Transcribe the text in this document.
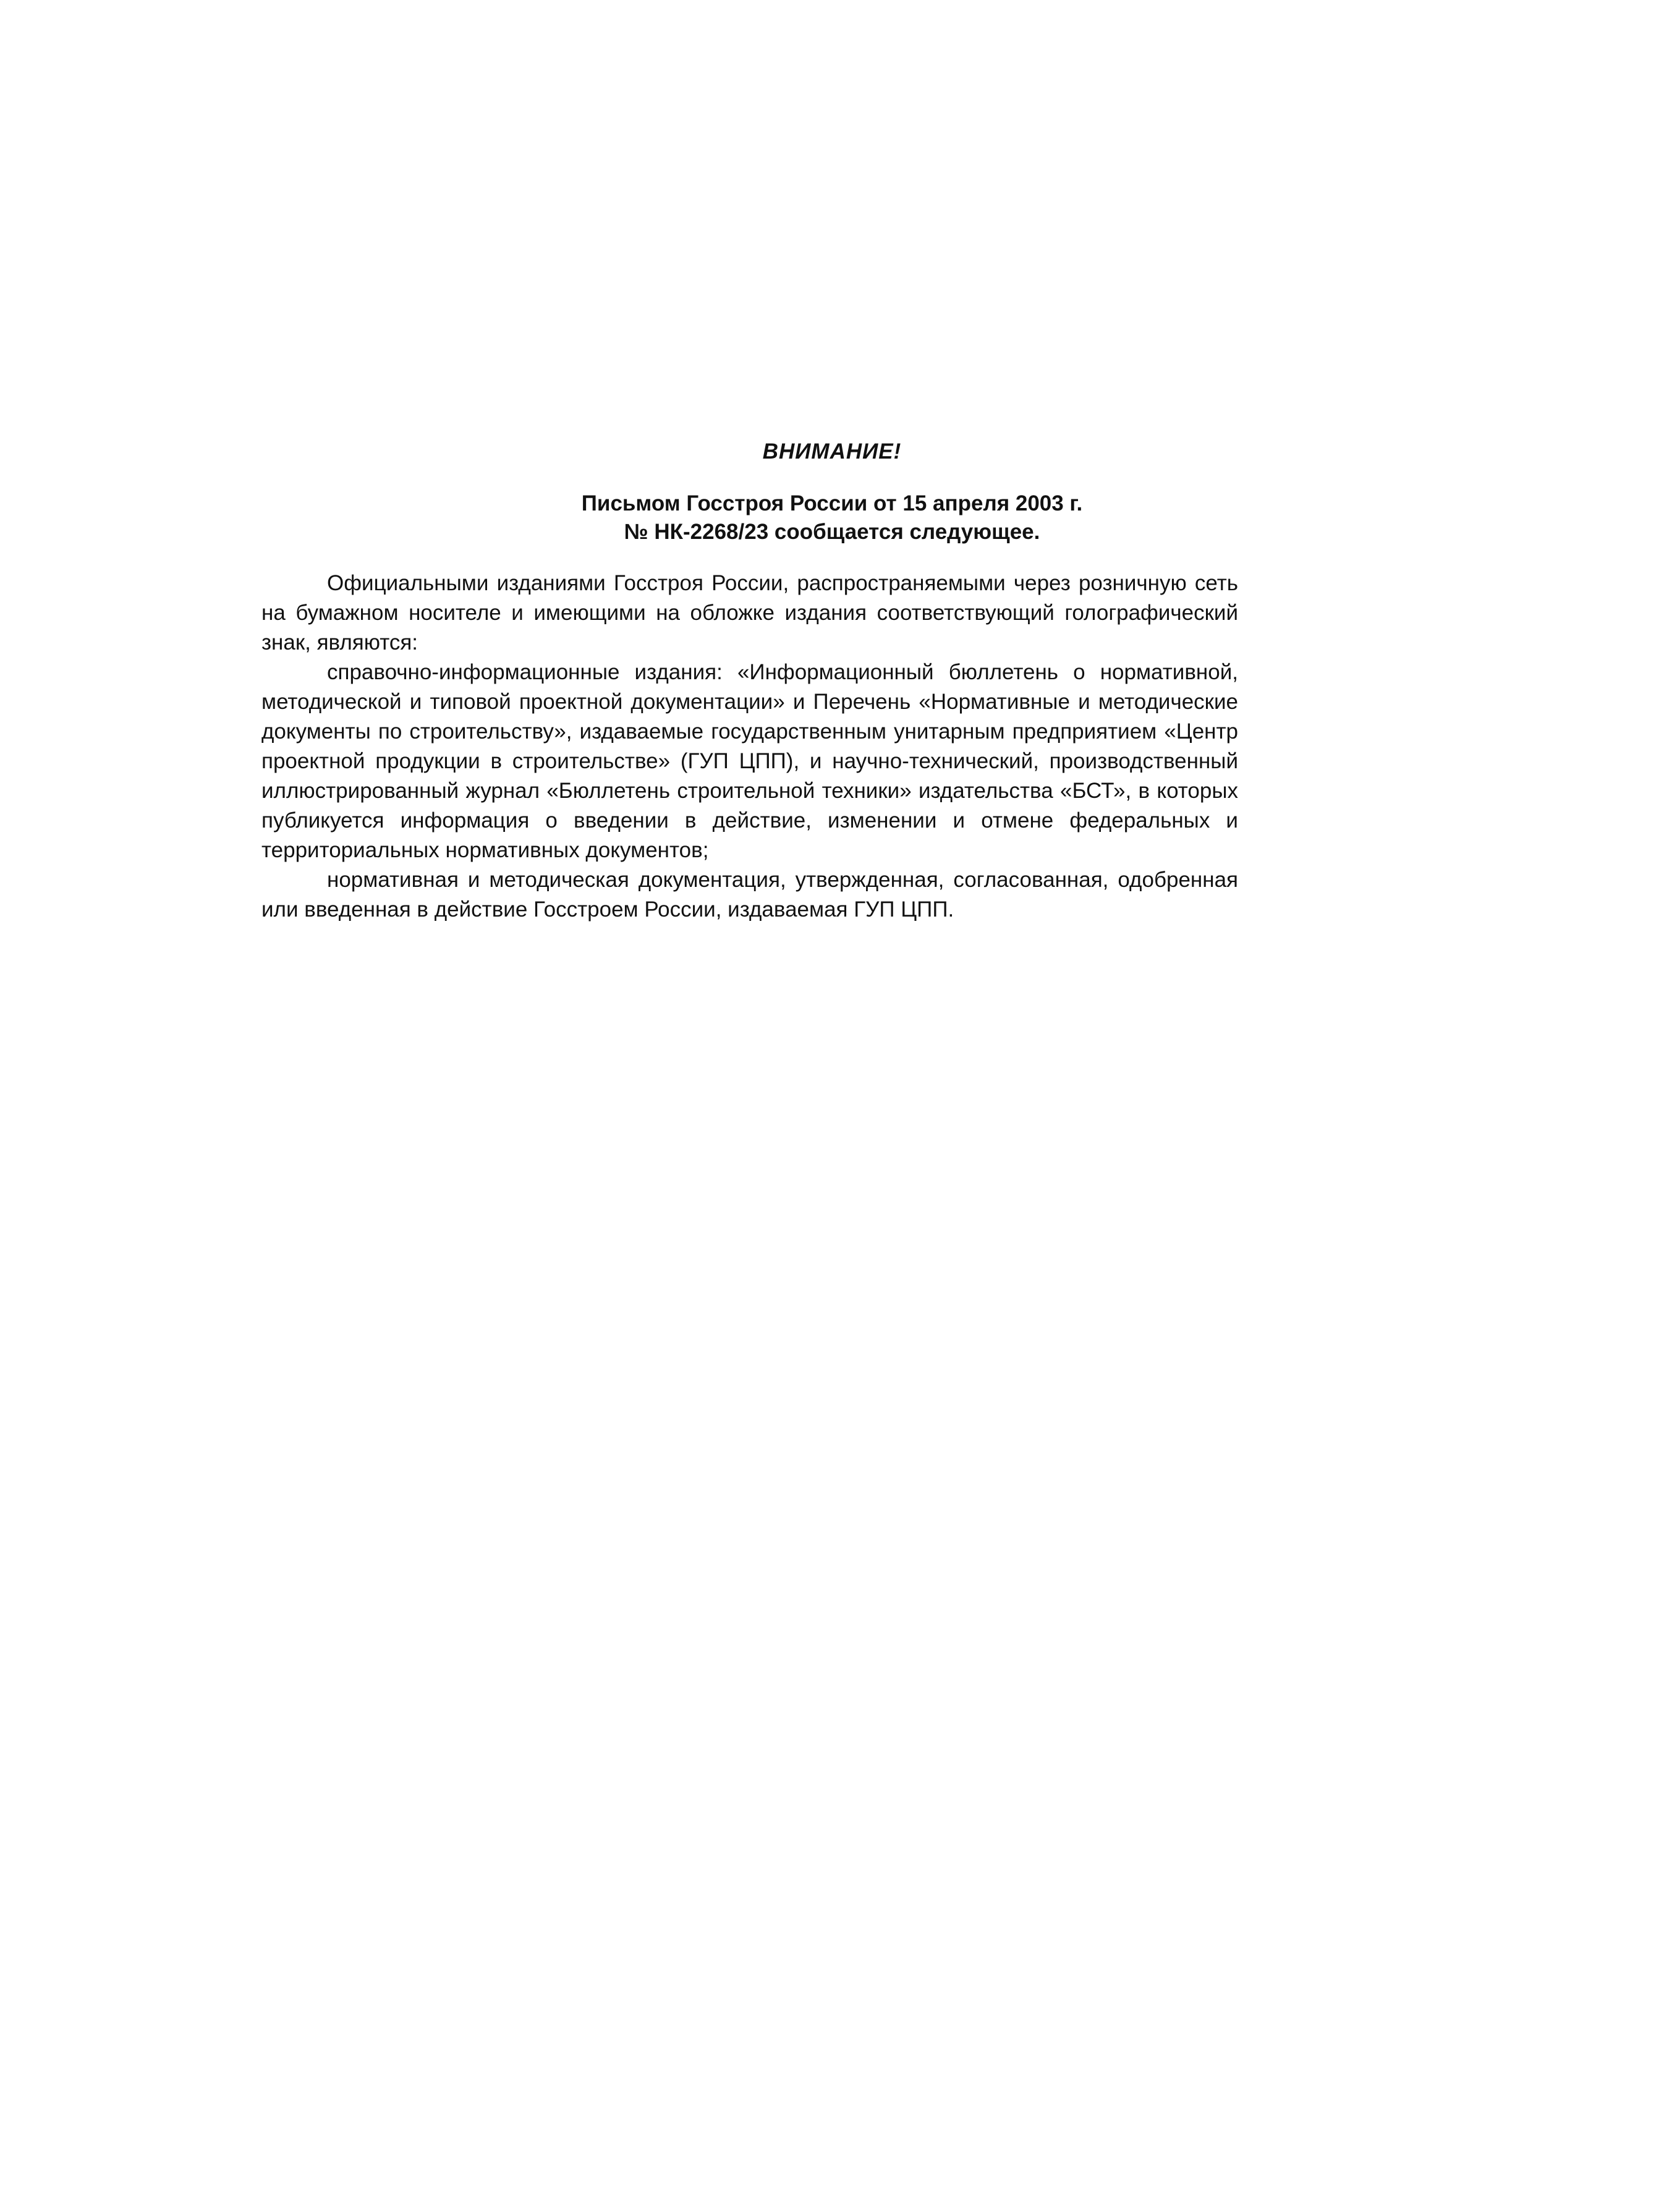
ВНИМАНИЕ!
Письмом Госстроя России от 15 апреля 2003 г.
№ НК-2268/23 сообщается следующее.

Официальными изданиями Госстроя России, распространяемыми через розничную сеть на бумажном носителе и имеющими на обложке издания соответствующий голографический знак, являются:

справочно-информационные издания: «Информационный бюллетень о нормативной, методической и типовой проектной документации» и Перечень «Нормативные и методические документы по строительству», издаваемые государственным унитарным предприятием «Центр проектной продукции в строительстве» (ГУП ЦПП), и научно-технический, производственный иллюстрированный журнал «Бюллетень строительной техники» издательства «БСТ», в которых публикуется информация о введении в действие, изменении и отмене федеральных и территориальных нормативных документов;

нормативная и методическая документация, утвержденная, согласованная, одобренная или введенная в действие Госстроем России, издаваемая ГУП ЦПП.
